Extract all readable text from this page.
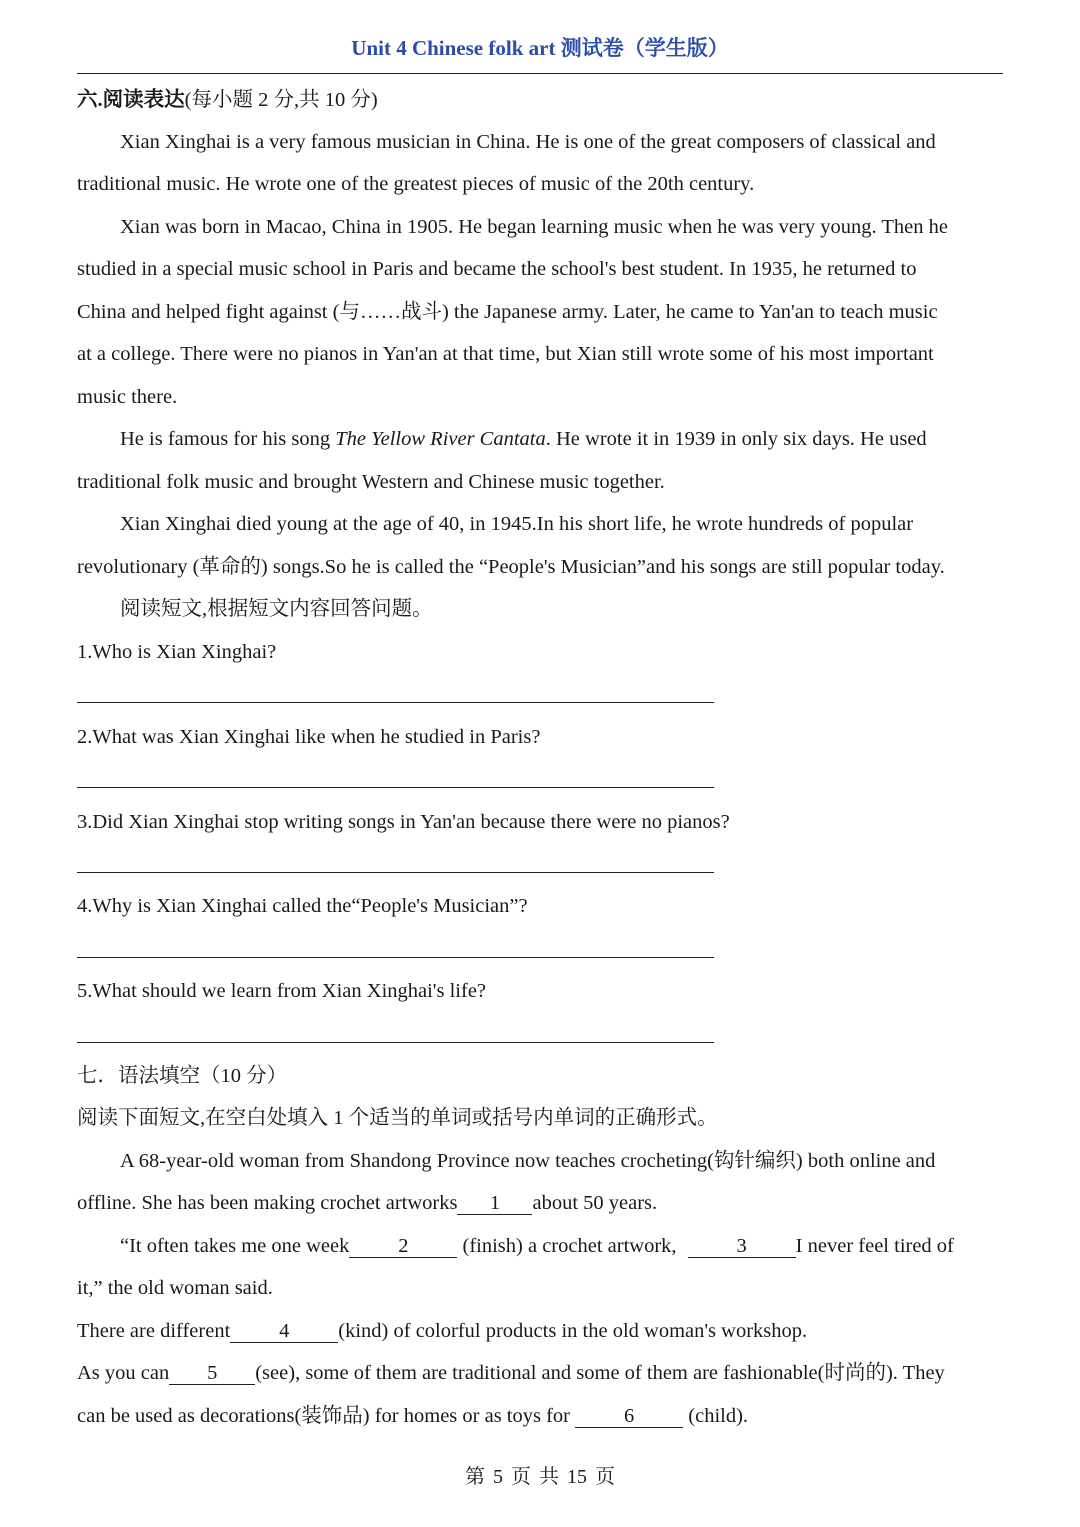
Unit 4 Chinese folk art 测试卷（学生版）
六.阅读表达(每小题 2 分,共 10 分)
Xian Xinghai is a very famous musician in China. He is one of the great composers of classical and
traditional music. He wrote one of the greatest pieces of music of the 20th century.
Xian was born in Macao, China in 1905. He began learning music when he was very young. Then he
studied in a special music school in Paris and became the school's best student. In 1935, he returned to
China and helped fight against (与……战斗) the Japanese army. Later, he came to Yan'an to teach music
at a college. There were no pianos in Yan'an at that time, but Xian still wrote some of his most important
music there.
He is famous for his song The Yellow River Cantata. He wrote it in 1939 in only six days. He used
traditional folk music and brought Western and Chinese music together.
Xian Xinghai died young at the age of 40, in 1945.In his short life, he wrote hundreds of popular
revolutionary (革命的) songs.So he is called the “People's Musician”and his songs are still popular today.
阅读短文,根据短文内容回答问题。
1.Who is Xian Xinghai?
2.What was Xian Xinghai like when he studied in Paris?
3.Did Xian Xinghai stop writing songs in Yan'an because there were no pianos?
4.Why is Xian Xinghai called the“People's Musician”?
5.What should we learn from Xian Xinghai's life?
七．语法填空（10 分）
阅读下面短文,在空白处填入 1 个适当的单词或括号内单词的正确形式。
A 68-year-old woman from Shandong Province now teaches crocheting(钩针编织) both online and
offline. She has been making crochet artworks 1 about 50 years.
“It often takes me one week 2 (finish) a crochet artwork,	3 I never feel tired of
it,” the old woman said.
There are different 4 (kind) of colorful products in the old woman's workshop.
As you can 5 (see), some of them are traditional and some of them are fashionable(时尚的). They
can be used as decorations(装饰品) for homes or as toys for 6 (child).
第 5 页 共 15 页
